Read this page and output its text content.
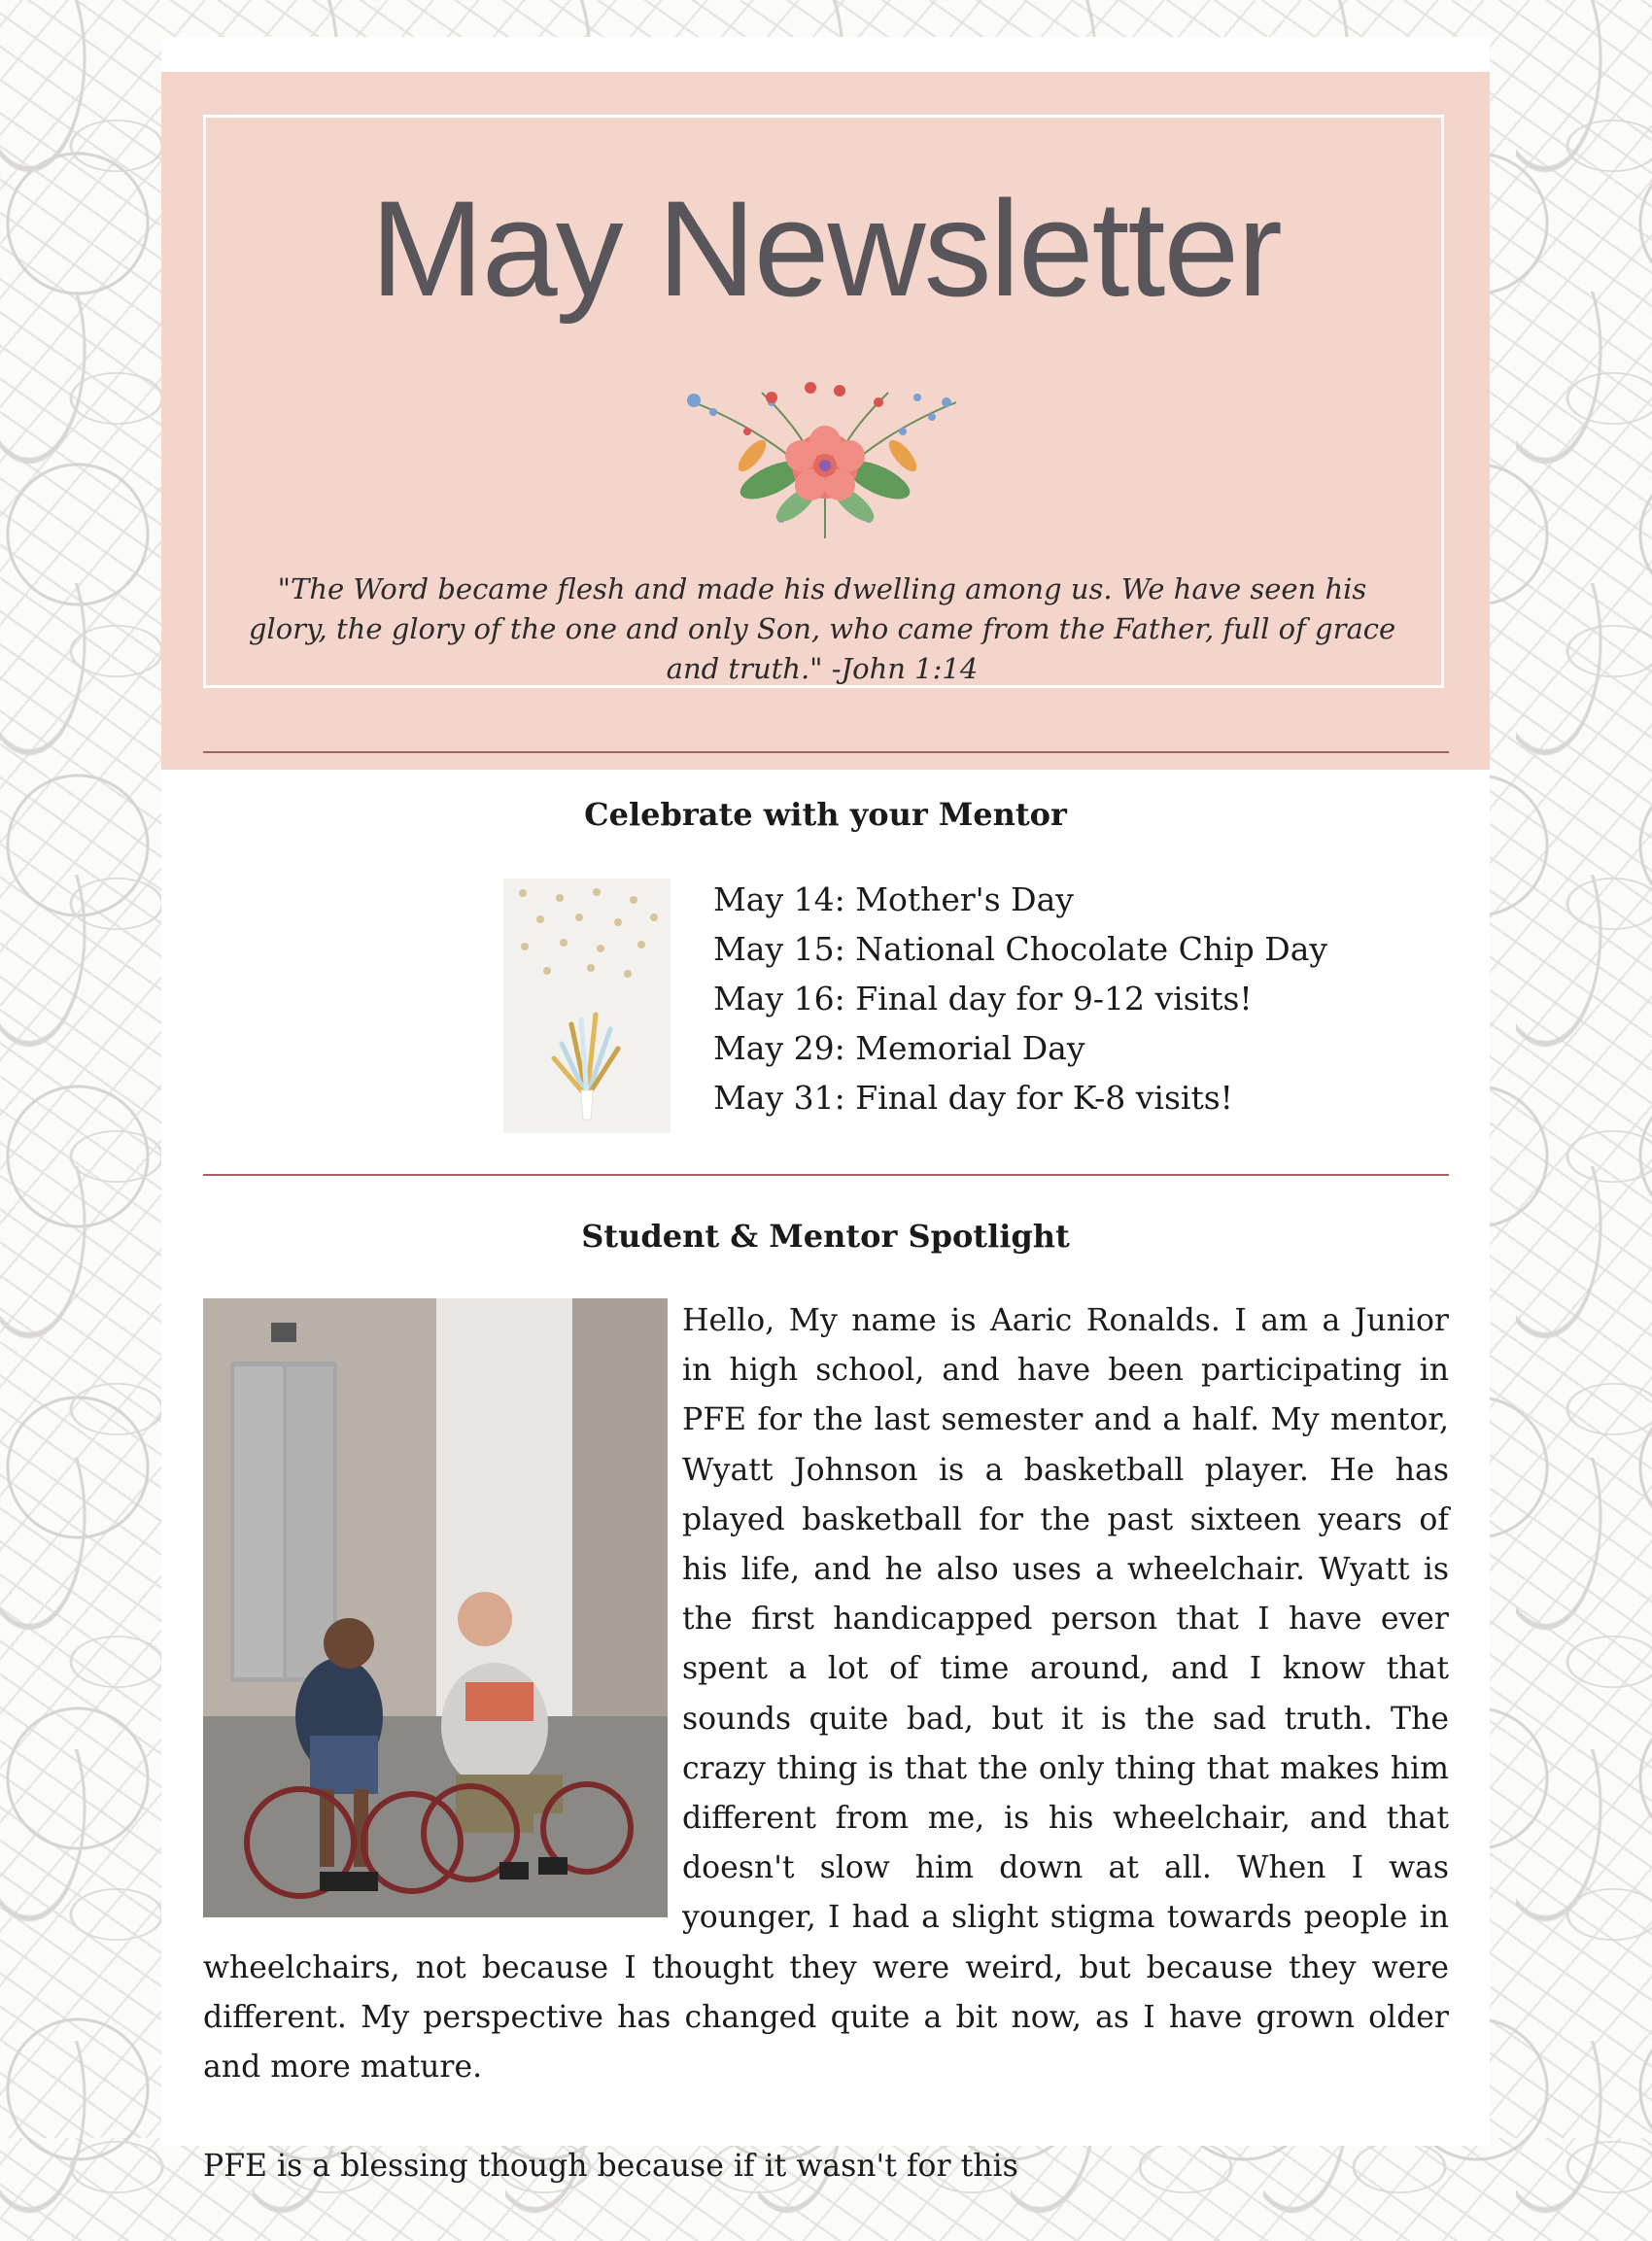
May Newsletter
"The Word became flesh and made his dwelling among us. We have seen his glory, the glory of the one and only Son, who came from the Father, full of grace and truth." -John 1:14
Celebrate with your Mentor
May 14: Mother's Day
May 15: National Chocolate Chip Day
May 16: Final day for 9-12 visits!
May 29: Memorial Day
May 31: Final day for K-8 visits!
Student & Mentor Spotlight

Hello, My name is Aaric Ronalds. I am a Junior in high school, and have been participating in PFE for the last semester and a half. My mentor, Wyatt Johnson is a basketball player. He has played basketball for the past sixteen years of his life, and he also uses a wheelchair. Wyatt is the first handicapped person that I have ever spent a lot of time around, and I know that sounds quite bad, but it is the sad truth. The crazy thing is that the only thing that makes him different from me, is his wheelchair, and that doesn't slow him down at all. When I was younger, I had a slight stigma towards people in wheelchairs, not because I thought they were weird, but because they were different. My perspective has changed quite a bit now, as I have grown older and more mature.

PFE is a blessing though because if it wasn't for this
